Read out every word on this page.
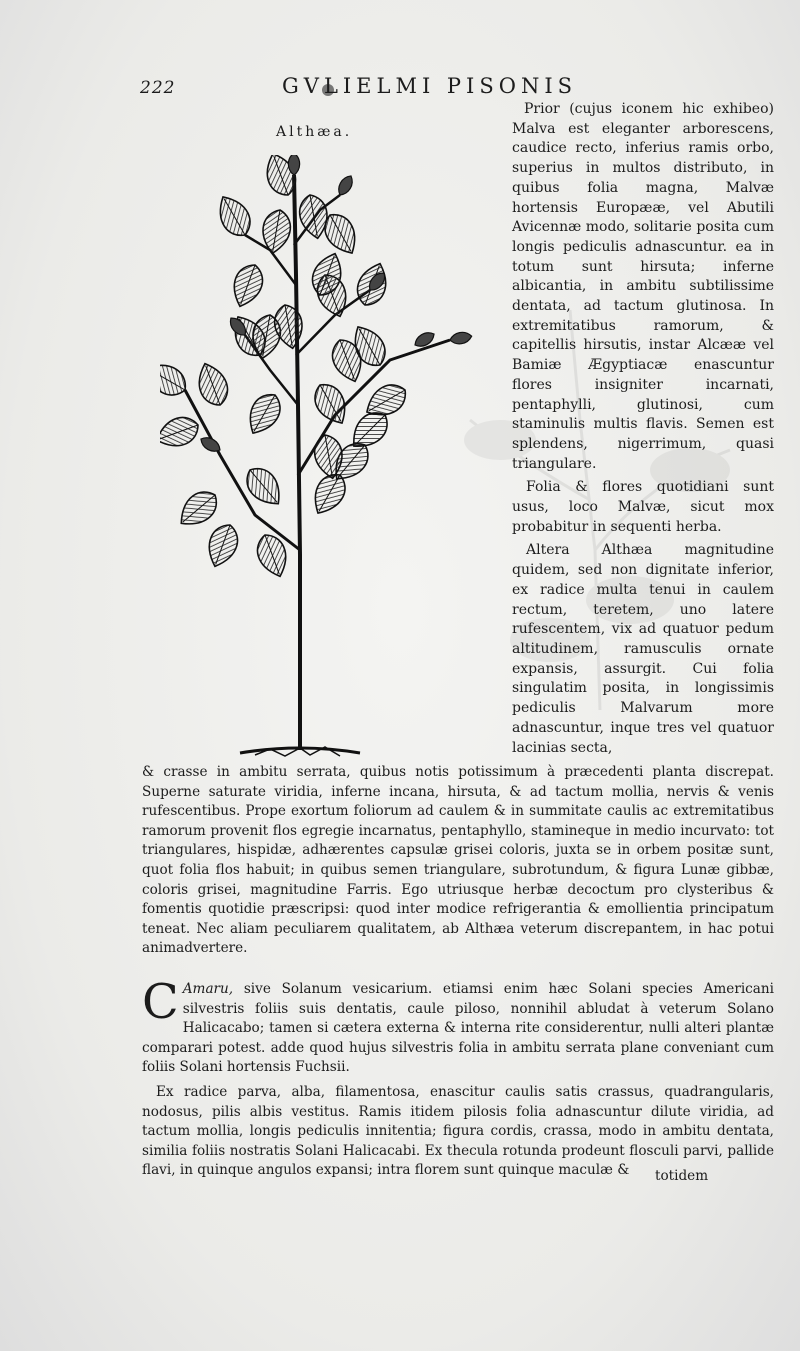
222	GVLIELMI PISONIS
Althæa.

Prior (cujus iconem hic exhibeo) Malva est eleganter arborescens, caudice recto, inferius ramis orbo, superius in multos distributo, in quibus folia magna, Malvæ hortensis Europææ, vel Abutili Avicennæ modo, solitarie posita cum longis pediculis adnascuntur. ea in totum sunt hirsuta; inferne albicantia, in ambitu subtilissime dentata, ad tactum glutinosa. In extremitatibus ramorum, & capitellis hirsutis, instar Alcææ vel Bamiæ Ægyptiacæ enascuntur flores insigniter incarnati, pentaphylli, glutinosi, cum staminulis multis flavis. Semen est splendens, nigerrimum, quasi triangulare.

Folia & flores quotidiani sunt usus, loco Malvæ, sicut mox probabitur in sequenti herba.

Altera Althæa magnitudine quidem, sed non dignitate inferior, ex radice multa tenui in caulem rectum, teretem, uno latere rufescentem, vix ad quatuor pedum altitudinem, ramusculis ornate expansis, assurgit. Cui folia singulatim posita, in longissimis pediculis Malvarum more adnascuntur, inque tres vel quatuor lacinias secta,

& crasse in ambitu serrata, quibus notis potissimum à præcedenti planta discrepat. Superne saturate viridia, inferne incana, hirsuta, & ad tactum mollia, nervis & venis rufescentibus. Prope exortum foliorum ad caulem & in summitate caulis ac extremitatibus ramorum provenit flos egregie incarnatus, pentaphyllo, stamineque in medio incurvato: tot triangulares, hispidæ, adhærentes capsulæ grisei coloris, juxta se in orbem positæ sunt, quot folia flos habuit; in quibus semen triangulare, subrotundum, & figura Lunæ gibbæ, coloris grisei, magnitudine Farris. Ego utriusque herbæ decoctum pro clysteribus & fomentis quotidie præscripsi: quod inter modice refrigerantia & emollientia principatum teneat. Nec aliam peculiarem qualitatem, ab Althæa veterum discrepantem, in hac potui animadvertere.

C Amaru, sive Solanum vesicarium. etiamsi enim hæc Solani species Americani silvestris foliis suis dentatis, caule piloso, nonnihil abludat à veterum Solano Halicacabo; tamen si cætera externa & interna rite considerentur, nulli alteri plantæ comparari potest. adde quod hujus silvestris folia in ambitu serrata plane conveniant cum foliis Solani hortensis Fuchsii.

Ex radice parva, alba, filamentosa, enascitur caulis satis crassus, quadrangularis, nodosus, pilis albis vestitus. Ramis itidem pilosis folia adnascuntur dilute viridia, ad tactum mollia, longis pediculis innitentia; figura cordis, crassa, modo in ambitu dentata, similia foliis nostratis Solani Halicacabi. Ex thecula rotunda prodeunt flosculi parvi, pallide flavi, in quinque angulos expansi; intra florem sunt quinque maculæ &	totidem
